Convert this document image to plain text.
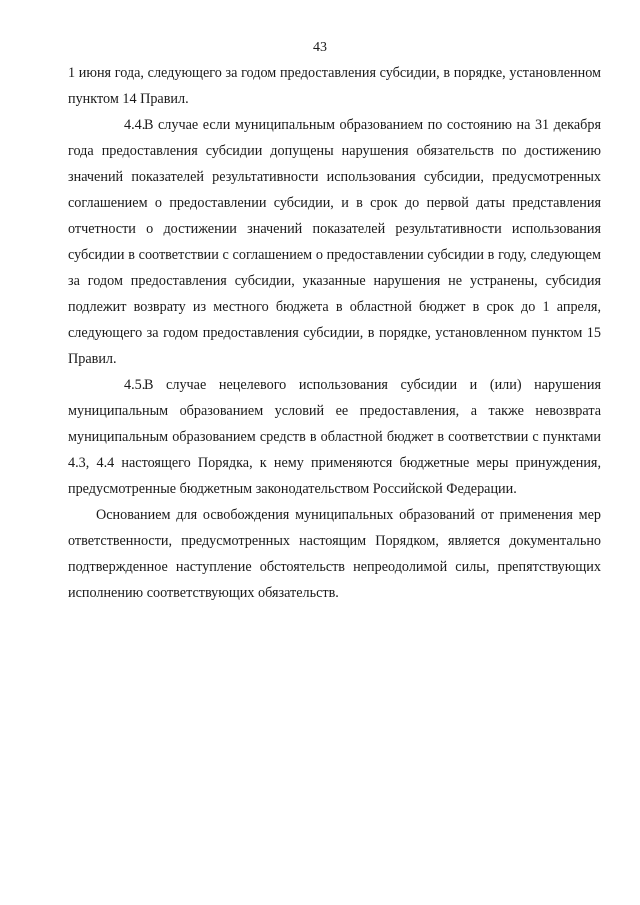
43

1 июня года, следующего за годом предоставления субсидии, в порядке, установленном пунктом 14 Правил.

4.4.В случае если муниципальным образованием по состоянию на 31 декабря года предоставления субсидии допущены нарушения обязательств по достижению значений показателей результативности использования субсидии, предусмотренных соглашением о предоставлении субсидии, и в срок до первой даты представления отчетности о достижении значений показателей результативности использования субсидии в соответствии с соглашением о предоставлении субсидии в году, следующем за годом предоставления субсидии, указанные нарушения не устранены, субсидия подлежит возврату из местного бюджета в областной бюджет в срок до 1 апреля, следующего за годом предоставления субсидии, в порядке, установленном пунктом 15 Правил.

4.5.В случае нецелевого использования субсидии и (или) нарушения муниципальным образованием условий ее предоставления, а также невозврата муниципальным образованием средств в областной бюджет в соответствии с пунктами 4.3, 4.4 настоящего Порядка, к нему применяются бюджетные меры принуждения, предусмотренные бюджетным законодательством Российской Федерации.

Основанием для освобождения муниципальных образований от применения мер ответственности, предусмотренных настоящим Порядком, является документально подтвержденное наступление обстоятельств непреодолимой силы, препятствующих исполнению соответствующих обязательств.
